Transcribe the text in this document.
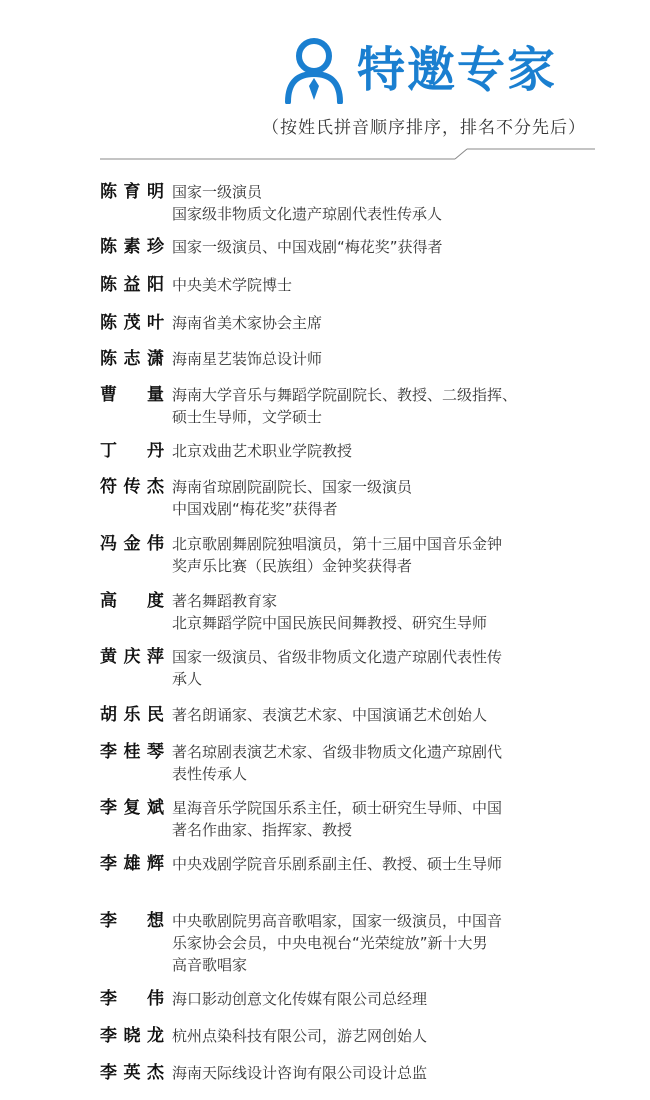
特邀专家
（按姓氏拼音顺序排序，排名不分先后）
陈育明 国家一级演员
国家级非物质文化遗产琼剧代表性传承人
陈素珍 国家一级演员、中国戏剧“梅花奖”获得者
陈益阳 中央美术学院博士
陈茂叶 海南省美术家协会主席
陈志潇 海南星艺装饰总设计师
曹 量 海南大学音乐与舞蹈学院副院长、教授、二级指挥、
硕士生导师，文学硕士
丁 丹 北京戏曲艺术职业学院教授
符传杰 海南省琼剧院副院长、国家一级演员
中国戏剧“梅花奖”获得者
冯金伟 北京歌剧舞剧院独唱演员，第十三届中国音乐金钟
奖声乐比赛（民族组）金钟奖获得者
高 度 著名舞蹈教育家
北京舞蹈学院中国民族民间舞教授、研究生导师
黄庆萍 国家一级演员、省级非物质文化遗产琼剧代表性传
承人
胡乐民 著名朗诵家、表演艺术家、中国演诵艺术创始人
李桂琴 著名琼剧表演艺术家、省级非物质文化遗产琼剧代
表性传承人
李复斌 星海音乐学院国乐系主任，硕士研究生导师、中国
著名作曲家、指挥家、教授
李雄辉 中央戏剧学院音乐剧系副主任、教授、硕士生导师
李 想 中央歌剧院男高音歌唱家，国家一级演员，中国音
乐家协会会员，中央电视台“光荣绽放”新十大男
高音歌唱家
李 伟 海口影动创意文化传媒有限公司总经理
李晓龙 杭州点染科技有限公司，游艺网创始人
李英杰 海南天际线设计咨询有限公司设计总监
